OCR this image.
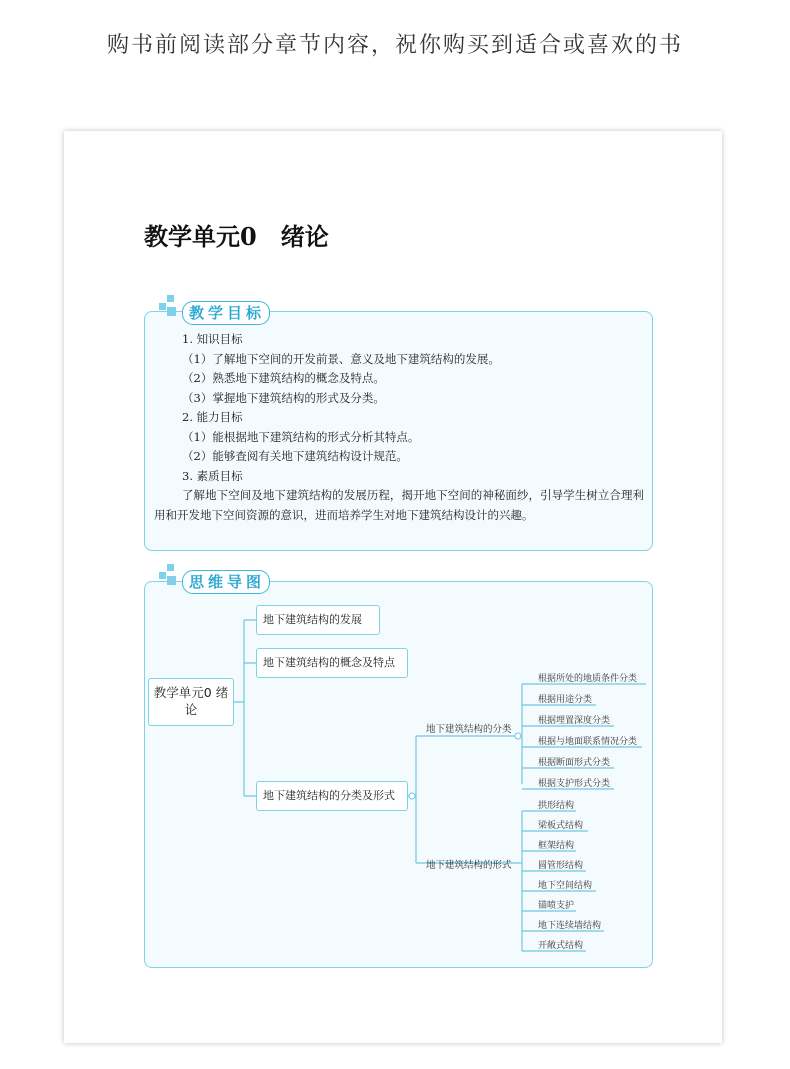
购书前阅读部分章节内容，祝你购买到适合或喜欢的书
教学单元0　绪论
教学目标
1. 知识目标
（1）了解地下空间的开发前景、意义及地下建筑结构的发展。
（2）熟悉地下建筑结构的概念及特点。
（3）掌握地下建筑结构的形式及分类。
2. 能力目标
（1）能根据地下建筑结构的形式分析其特点。
（2）能够查阅有关地下建筑结构设计规范。
3. 素质目标
了解地下空间及地下建筑结构的发展历程，揭开地下空间的神秘面纱，引导学生树立合理利用和开发地下空间资源的意识，进而培养学生对地下建筑结构设计的兴趣。
思维导图
教学单元0 绪论
地下建筑结构的发展
地下建筑结构的概念及特点
地下建筑结构的分类及形式
地下建筑结构的分类
地下建筑结构的形式
根据所处的地质条件分类
根据用途分类
根据埋置深度分类
根据与地面联系情况分类
根据断面形式分类
根据支护形式分类
拱形结构
梁板式结构
框架结构
圆管形结构
地下空间结构
锚喷支护
地下连续墙结构
开敞式结构
